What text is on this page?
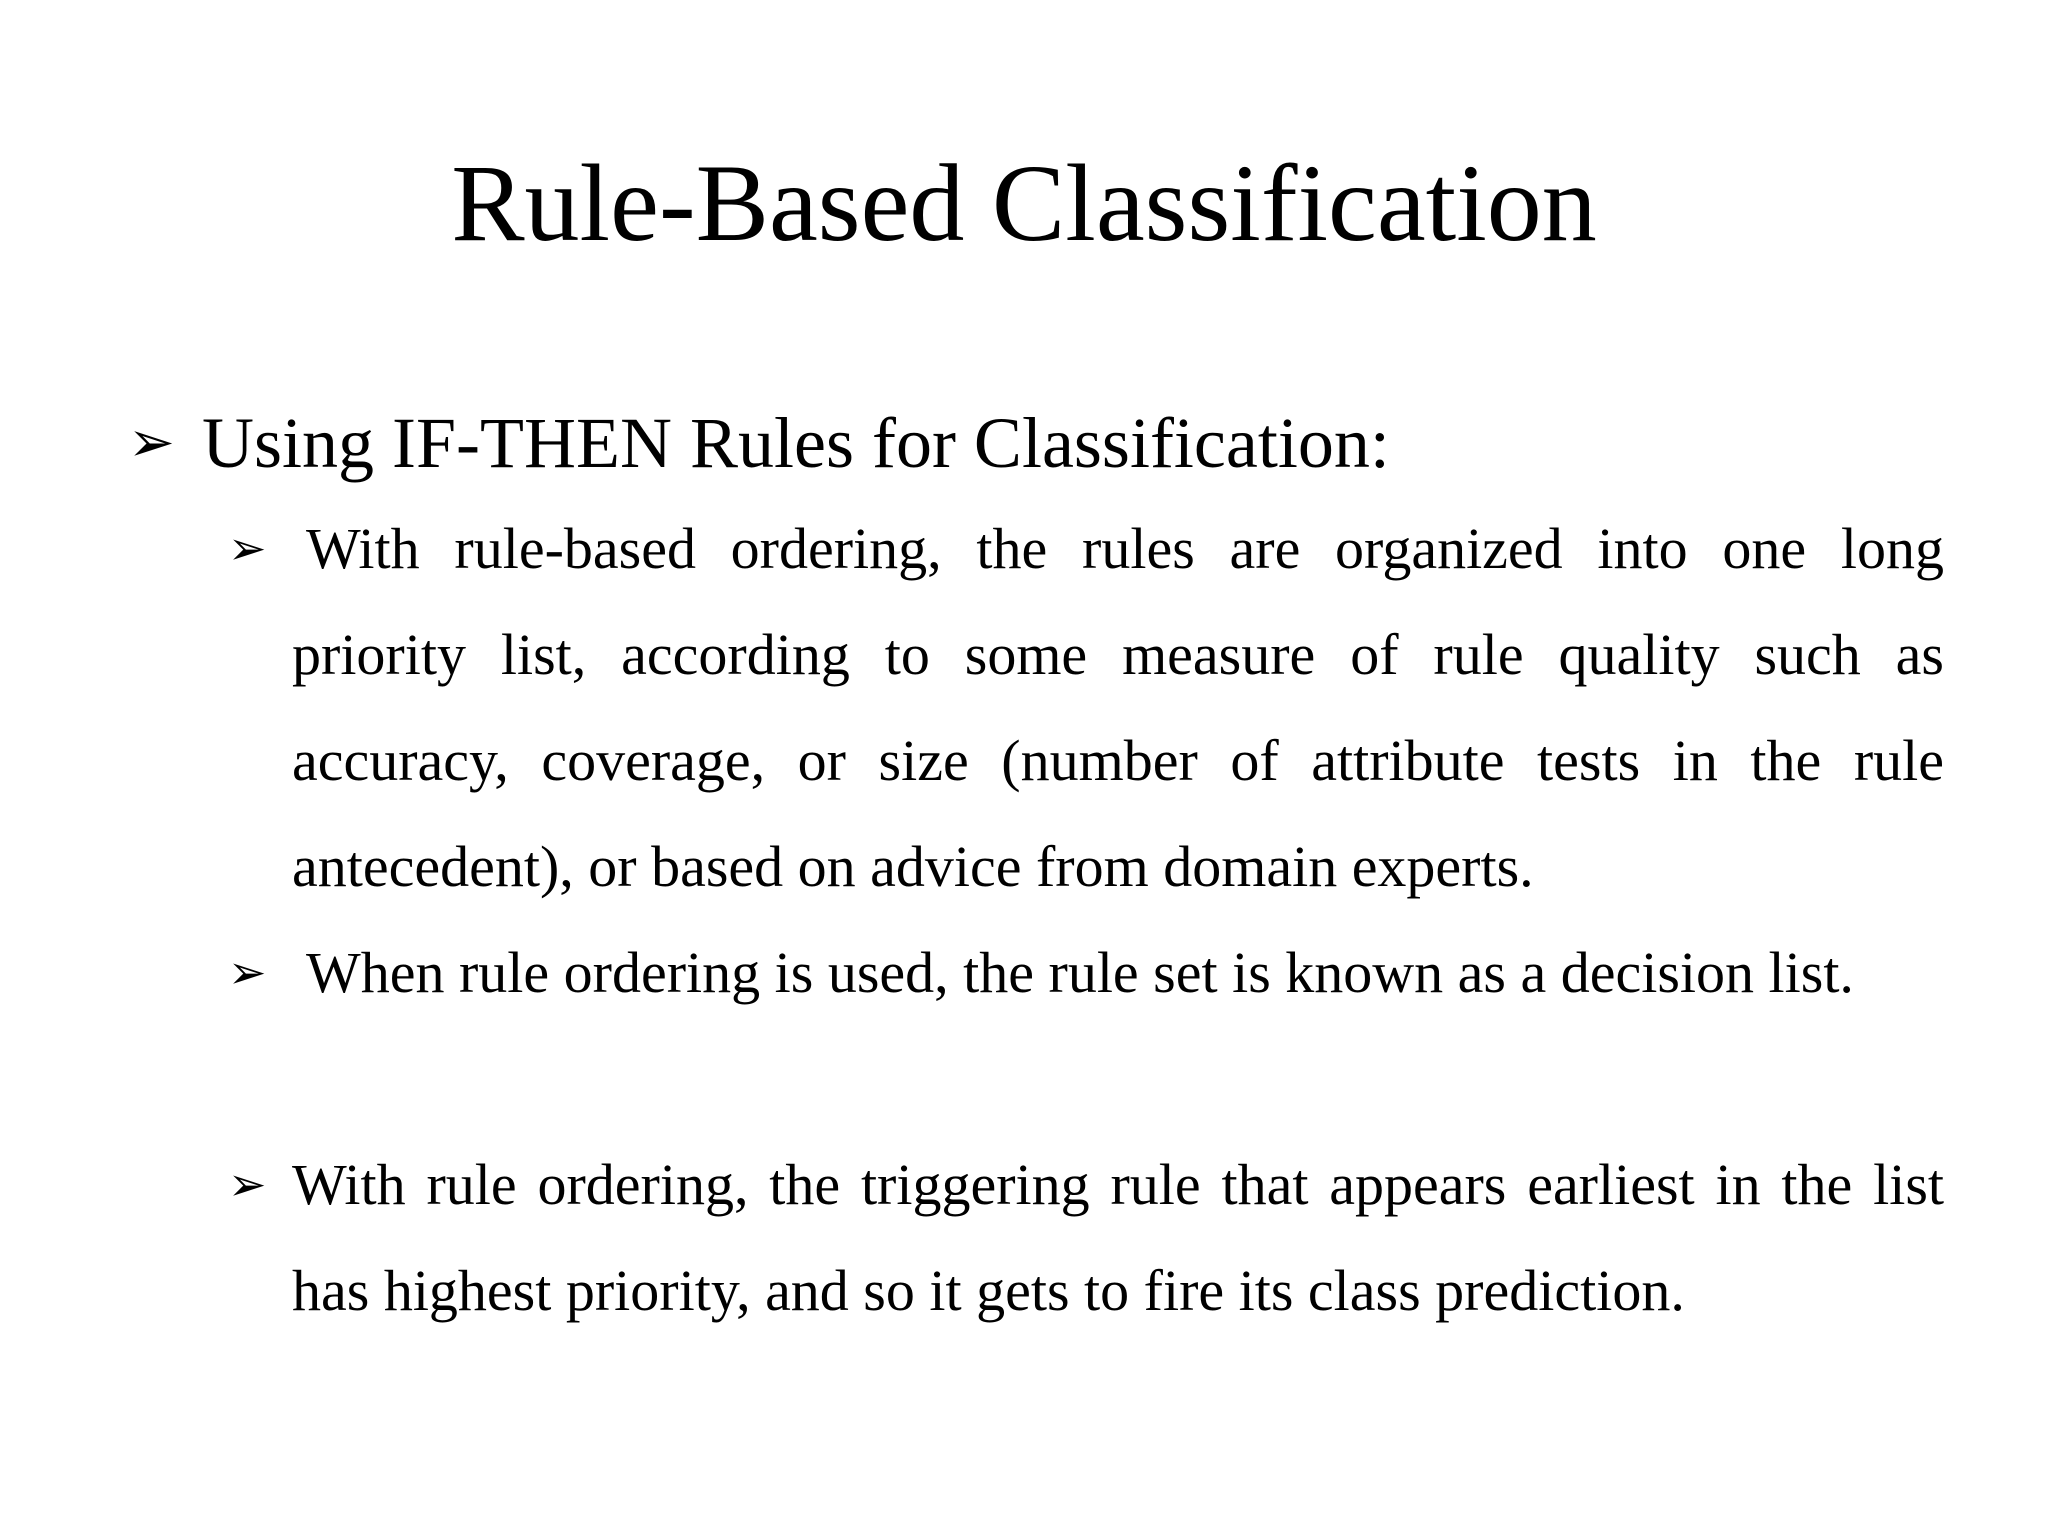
Rule-Based Classification
➢ Using IF-THEN Rules for Classification:
➢ With rule-based ordering, the rules are organized into one long priority list, according to some measure of rule quality such as accuracy, coverage, or size (number of attribute tests in the rule antecedent), or based on advice from domain experts.
➢ When rule ordering is used, the rule set is known as a decision list.
➢ With rule ordering, the triggering rule that appears earliest in the list has highest priority, and so it gets to fire its class prediction.
